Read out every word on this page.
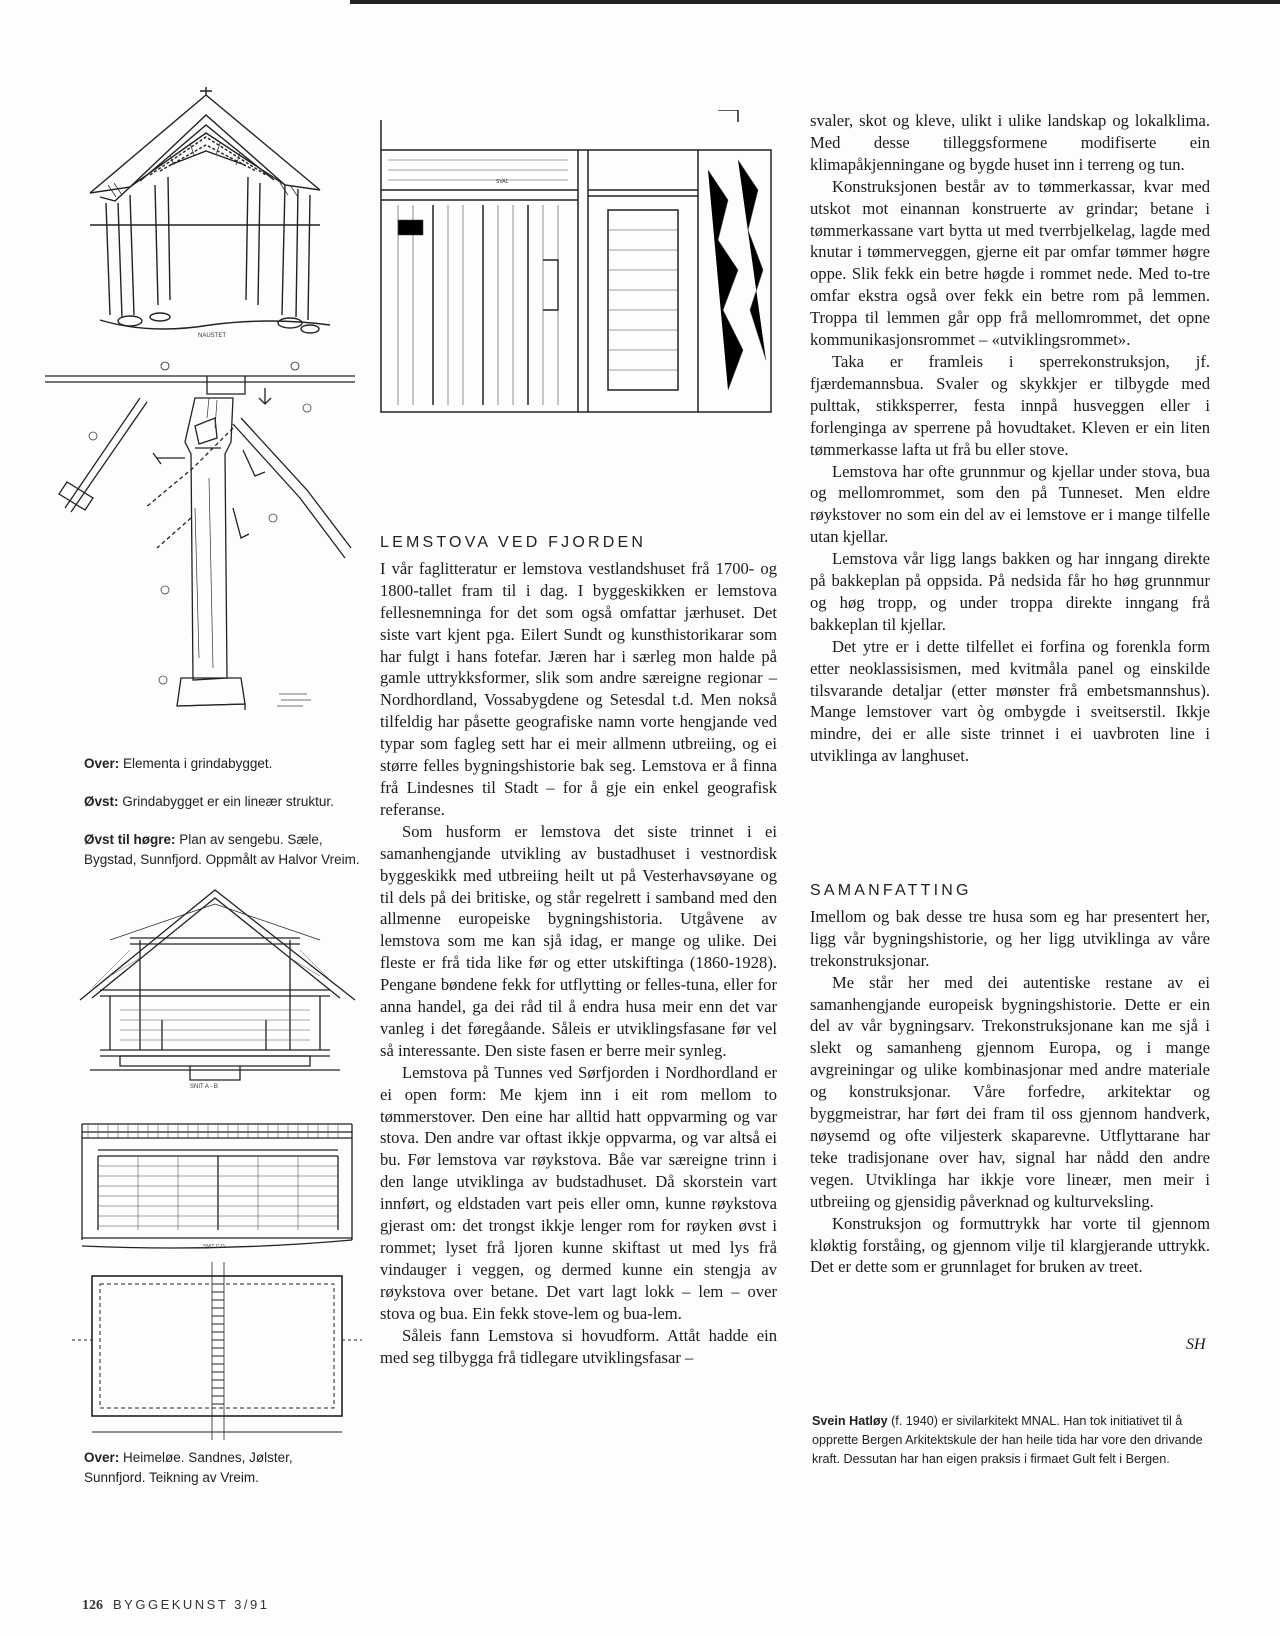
NAUSTET

Over: Elementa i grindabygget.

Øvst: Grindabygget er ein lineær struktur.

Øvst til høgre: Plan av sengebu. Sæle, Bygstad, Sunnfjord. Oppmålt av Halvor Vreim.

SNIT A - B
SNIT C-D

Over: Heimeløe. Sandnes, Jølster, Sunnfjord. Teikning av Vreim.

SVAL
LEMSTOVA VED FJORDEN

I vår faglitteratur er lemstova vestlandshuset frå 1700- og 1800-tallet fram til i dag. I byggeskikken er lemstova fellesnemninga for det som også omfattar jærhuset. Det siste vart kjent pga. Eilert Sundt og kunsthistorikarar som har fulgt i hans fotefar. Jæren har i særleg mon halde på gamle uttrykksformer, slik som andre særeigne regionar – Nordhordland, Vossabygdene og Setesdal t.d. Men nokså tilfeldig har påsette geografiske namn vorte hengjande ved typar som fagleg sett har ei meir allmenn utbreiing, og ei større felles bygningshistorie bak seg. Lemstova er å finna frå Lindesnes til Stadt – for å gje ein enkel geografisk referanse.

Som husform er lemstova det siste trinnet i ei samanhengjande utvikling av bustadhuset i vestnordisk byggeskikk med utbreiing heilt ut på Vesterhavsøyane og til dels på dei britiske, og står regelrett i samband med den allmenne europeiske bygningshistoria. Utgåvene av lemstova som me kan sjå idag, er mange og ulike. Dei fleste er frå tida like før og etter utskiftinga (1860-1928). Pengane bøndene fekk for utflytting or felles-tuna, eller for anna handel, ga dei råd til å endra husa meir enn det var vanleg i det føregåande. Såleis er utviklingsfasane før vel så interessante. Den siste fasen er berre meir synleg.

Lemstova på Tunnes ved Sørfjorden i Nordhordland er ei open form: Me kjem inn i eit rom mellom to tømmerstover. Den eine har alltid hatt oppvarming og var stova. Den andre var oftast ikkje oppvarma, og var altså ei bu. Før lemstova var røykstova. Båe var særeigne trinn i den lange utviklinga av budstadhuset. Då skorstein vart innført, og eldstaden vart peis eller omn, kunne røykstova gjerast om: det trongst ikkje lenger rom for røyken øvst i rommet; lyset frå ljoren kunne skiftast ut med lys frå vindauger i veggen, og dermed kunne ein stengja av røykstova over betane. Det vart lagt lokk – lem – over stova og bua. Ein fekk stove-lem og bua-lem.

Såleis fann Lemstova si hovudform. Attåt hadde ein med seg tilbygga frå tidlegare utviklingsfasar –

svaler, skot og kleve, ulikt i ulike landskap og lokalklima. Med desse tilleggsformene modifiserte ein klimapåkjenningane og bygde huset inn i terreng og tun.

Konstruksjonen består av to tømmerkassar, kvar med utskot mot einannan konstruerte av grindar; betane i tømmerkassane vart bytta ut med tverrbjelkelag, lagde med knutar i tømmerveggen, gjerne eit par omfar tømmer høgre oppe. Slik fekk ein betre høgde i rommet nede. Med to-tre omfar ekstra også over fekk ein betre rom på lemmen. Troppa til lemmen går opp frå mellomrommet, det opne kommunikasjonsrommet – «utviklingsrommet».

Taka er framleis i sperrekonstruksjon, jf. fjærdemannsbua. Svaler og skykkjer er tilbygde med pulttak, stikksperrer, festa innpå husveggen eller i forlenginga av sperrene på hovudtaket. Kleven er ein liten tømmerkasse lafta ut frå bu eller stove.

Lemstova har ofte grunnmur og kjellar under stova, bua og mellomrommet, som den på Tunneset. Men eldre røykstover no som ein del av ei lemstove er i mange tilfelle utan kjellar.

Lemstova vår ligg langs bakken og har inngang direkte på bakkeplan på oppsida. På nedsida får ho høg grunnmur og høg tropp, og under troppa direkte inngang frå bakkeplan til kjellar.

Det ytre er i dette tilfellet ei forfina og forenkla form etter neoklassisismen, med kvitmåla panel og einskilde tilsvarande detaljar (etter mønster frå embetsmannshus). Mange lemstover vart òg ombygde i sveitserstil. Ikkje mindre, dei er alle siste trinnet i ei uavbroten line i utviklinga av langhuset.

SAMANFATTING

Imellom og bak desse tre husa som eg har presentert her, ligg vår bygningshistorie, og her ligg utviklinga av våre trekonstruksjonar.

Me står her med dei autentiske restane av ei samanhengjande europeisk bygningshistorie. Dette er ein del av vår bygningsarv. Trekonstruksjonane kan me sjå i slekt og samanheng gjennom Europa, og i mange avgreiningar og ulike kombinasjonar med andre materiale og konstruksjonar. Våre forfedre, arkitektar og byggmeistrar, har ført dei fram til oss gjennom handverk, nøysemd og ofte viljesterk skaparevne. Utflyttarane har teke tradisjonane over hav, signal har nådd den andre vegen. Utviklinga har ikkje vore lineær, men meir i utbreiing og gjensidig påverknad og kulturveksling.

Konstruksjon og formuttrykk har vorte til gjennom kløktig forståing, og gjennom vilje til klargjerande uttrykk. Det er dette som er grunnlaget for bruken av treet.

SH
Svein Hatløy (f. 1940) er sivilarkitekt MNAL. Han tok initiativet til å opprette Bergen Arkitektskule der han heile tida har vore den drivande kraft. Dessutan har han eigen praksis i firmaet Gult felt i Bergen.
126 BYGGEKUNST 3/91
